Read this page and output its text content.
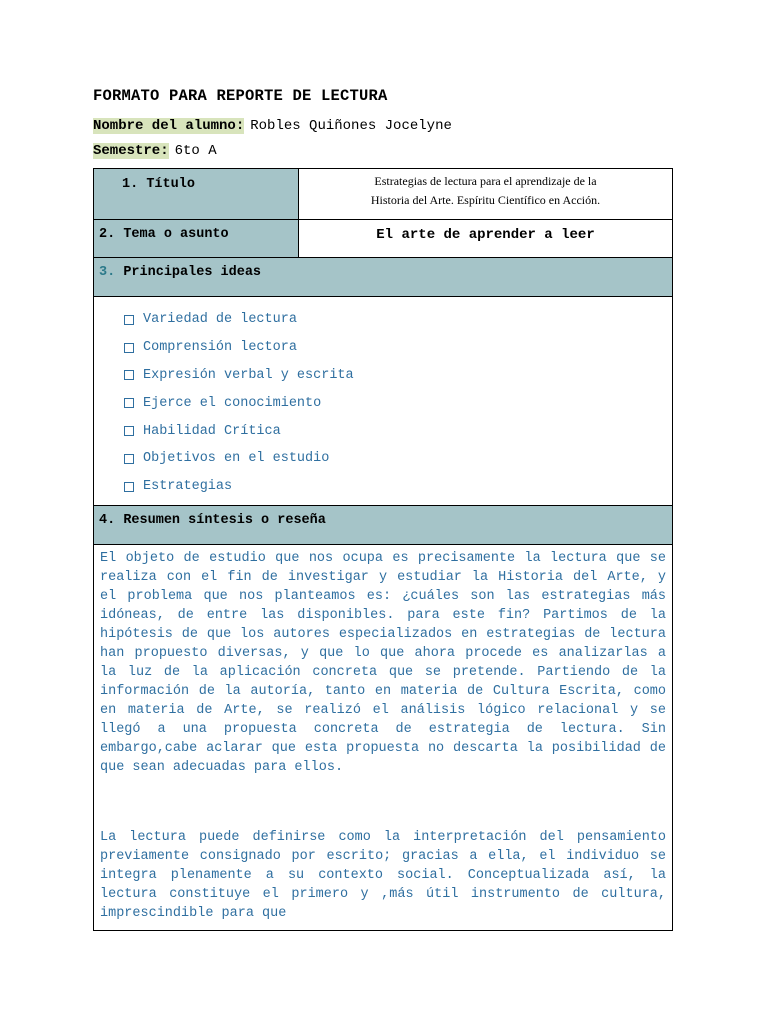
FORMATO PARA REPORTE DE LECTURA
Nombre del alumno: Robles Quiñones Jocelyne
Semestre: 6to A
1. Título	Estrategias de lectura para el aprendizaje de la
Historia del Arte. Espíritu Científico en Acción.
2. Tema o asunto	El arte de aprender a leer
3. Principales ideas
Variedad de lectura
Comprensión lectora
Expresión verbal y escrita
Ejerce el conocimiento
Habilidad Crítica
Objetivos en el estudio
Estrategias
4. Resumen síntesis o reseña

El objeto de estudio que nos ocupa es precisamente la lectura que se realiza con el fin de investigar y estudiar la Historia del Arte, y el problema que nos planteamos es: ¿cuáles son las estrategias más idóneas, de entre las disponibles. para este fin? Partimos de la hipótesis de que los autores especializados en estrategias de lectura han propuesto diversas, y que lo que ahora procede es analizarlas a la luz de la aplicación concreta que se pretende. Partiendo de la información de la autoría, tanto en materia de Cultura Escrita, como en materia de Arte, se realizó el análisis lógico relacional y se llegó a una propuesta concreta de estrategia de lectura. Sin embargo,cabe aclarar que esta propuesta no descarta la posibilidad de que sean adecuadas para ellos.

La lectura puede definirse como la interpretación del pensamiento previamente consignado por escrito; gracias a ella, el individuo se integra plenamente a su contexto social. Conceptualizada así, la lectura constituye el primero y ,más útil instrumento de cultura, imprescindible para que
